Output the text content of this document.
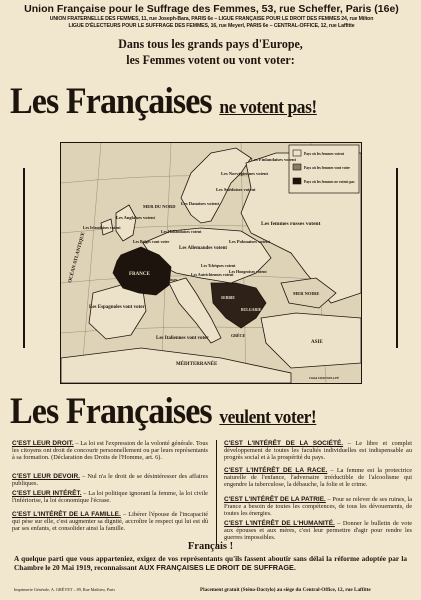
Union Française pour le Suffrage des Femmes, 53, rue Scheffer, Paris (16e)
UNION FRATERNELLE DES FEMMES, 11, rue Joseph-Bara, PARIS 6e – LIGUE FRANÇAISE POUR LE DROIT DES FEMMES 24, rue Milton
LIGUE D'ÉLECTEURS POUR LE SUFFRAGE DES FEMMES, 16, rue Meyerl, PARIS 6e – CENTRAL-OFFICE, 12, rue Laffitte
Dans tous les grands pays d'Europe,
les Femmes votent ou vont voter:
Les Françaises ne votent pas!
Pays où les femmes votent
Pays où les femmes vont voter
Pays où les femmes ne votent pas
OCÉAN ATLANTIQUE
MER DU NORD
Les Finlandaises votent
Les Norvégiennes votent
Les Suédoises votent
Les Danoises votent
Les Anglaises votent
Les Irlandaises votent
Les Belges vont voter
Les Hollandaises votent
Les Allemandes votent
Les Polonaises votent
Les femmes russes votent
Les Tchèques votent
Les Autrichiennes votent
Les Hongroises votent
Les Suisses
FRANCE
Les Espagnoles vont voter
Les Italiennes vont voter
SERBIE
BULGARIE
MER NOIRE
GRÈCE
MÉDITERRANÉE
ASIE
Cliché SWALWELLPÉ
Les Françaises veulent voter!
C'EST LEUR DROIT. – La loi est l'expression de la volonté générale. Tous les citoyens ont droit de concourir personnellement ou par leurs représentants à sa formation. (Déclaration des Droits de l'Homme, art. 6).
C'EST LEUR DEVOIR. – Nul n'a le droit de se désintéresser des affaires publiques.
C'EST LEUR INTÉRÊT. – La loi politique ignorant la femme, la loi civile l'infériorise, la loi économique l'écrase.
C'EST L'INTÉRÊT DE LA FAMILLE. – Libérer l'épouse de l'incapacité qui pèse sur elle, c'est augmenter sa dignité, accroître le respect qui lui est dû par ses enfants, et consolider ainsi la famille.
C'EST L'INTÉRÊT DE LA SOCIÉTÉ. – Le libre et complet développement de toutes les facultés individuelles est indispensable au progrès social et à la prospérité du pays.
C'EST L'INTÉRÊT DE LA RACE. – La femme est la protectrice naturelle de l'enfance, l'adversaire irréductible de l'alcoolisme qui engendre la tuberculose, la débauche, la folie et le crime.
C'EST L'INTÉRÊT DE LA PATRIE. – Pour se relever de ses ruines, la France a besoin de toutes les compétences, de tous les dévouements, de toutes les énergies.
C'EST L'INTÉRÊT DE L'HUMANITÉ. – Donner le bulletin de vote aux épouses et aux mères, c'est leur permettre d'agir pour rendre les guerres impossibles.
Français !
A quelque parti que vous apparteniez, exigez de vos représentants qu'ils fassent aboutir sans délai la réforme adoptée par la Chambre le 20 Mai 1919, reconnaissant AUX FRANÇAISES LE DROIT DE SUFFRAGE.
Imprimerie Générale, A. GRÉVET – 89, Rue Mathieu, Paris	Placement gratuit (Sténo-Dactylo) au siège du Central-Office, 12, rue Laffitte
